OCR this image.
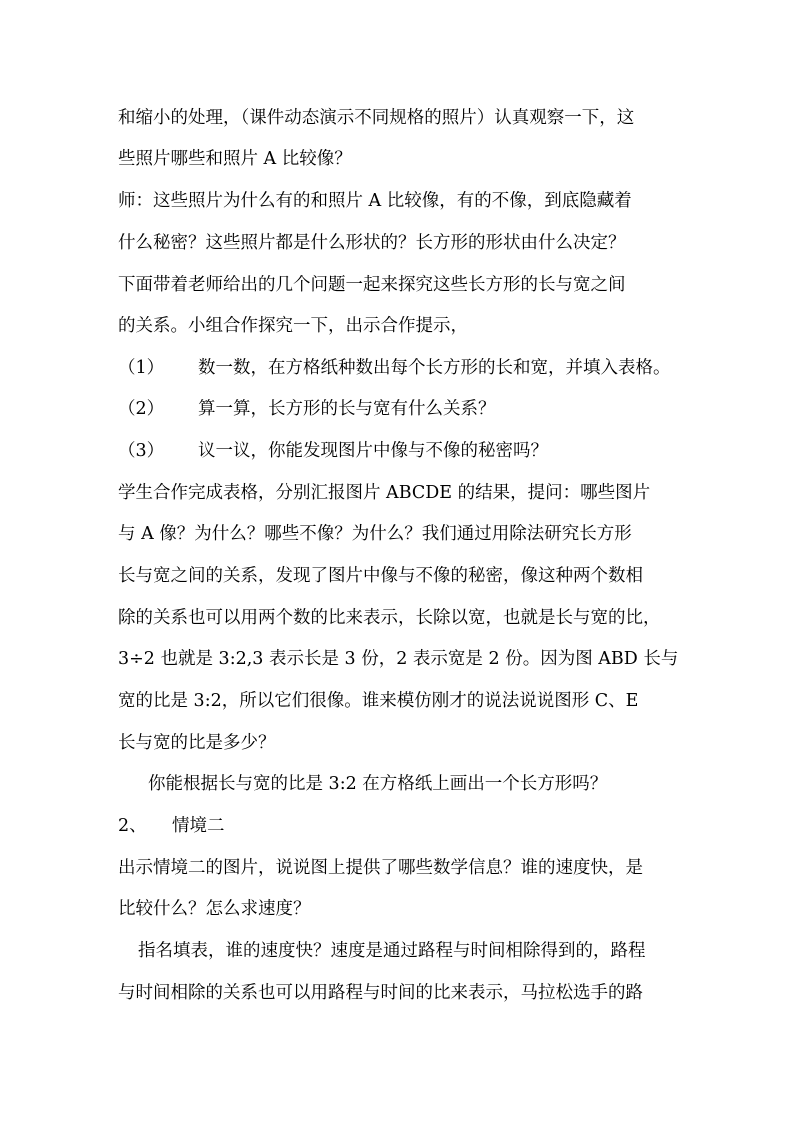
和缩小的处理，（课件动态演示不同规格的照片）认真观察一下，这
些照片哪些和照片 A 比较像？
师：这些照片为什么有的和照片 A 比较像，有的不像，到底隐藏着
什么秘密？这些照片都是什么形状的？长方形的形状由什么决定？
下面带着老师给出的几个问题一起来探究这些长方形的长与宽之间
的关系。小组合作探究一下，出示合作提示，
（1） 数一数，在方格纸种数出每个长方形的长和宽，并填入表格。
（2） 算一算，长方形的长与宽有什么关系？
（3） 议一议，你能发现图片中像与不像的秘密吗？
学生合作完成表格，分别汇报图片 ABCDE 的结果，提问：哪些图片
与 A 像？为什么？哪些不像？为什么？我们通过用除法研究长方形
长与宽之间的关系，发现了图片中像与不像的秘密，像这种两个数相
除的关系也可以用两个数的比来表示，长除以宽，也就是长与宽的比，
3÷2 也就是 3:2,3 表示长是 3 份，2 表示宽是 2 份。因为图 ABD 长与
宽的比是 3:2，所以它们很像。谁来模仿刚才的说法说说图形 C、E
长与宽的比是多少？
你能根据长与宽的比是 3:2 在方格纸上画出一个长方形吗？
2、 情境二
出示情境二的图片，说说图上提供了哪些数学信息？谁的速度快，是
比较什么？怎么求速度？
指名填表，谁的速度快？速度是通过路程与时间相除得到的，路程
与时间相除的关系也可以用路程与时间的比来表示，马拉松选手的路
